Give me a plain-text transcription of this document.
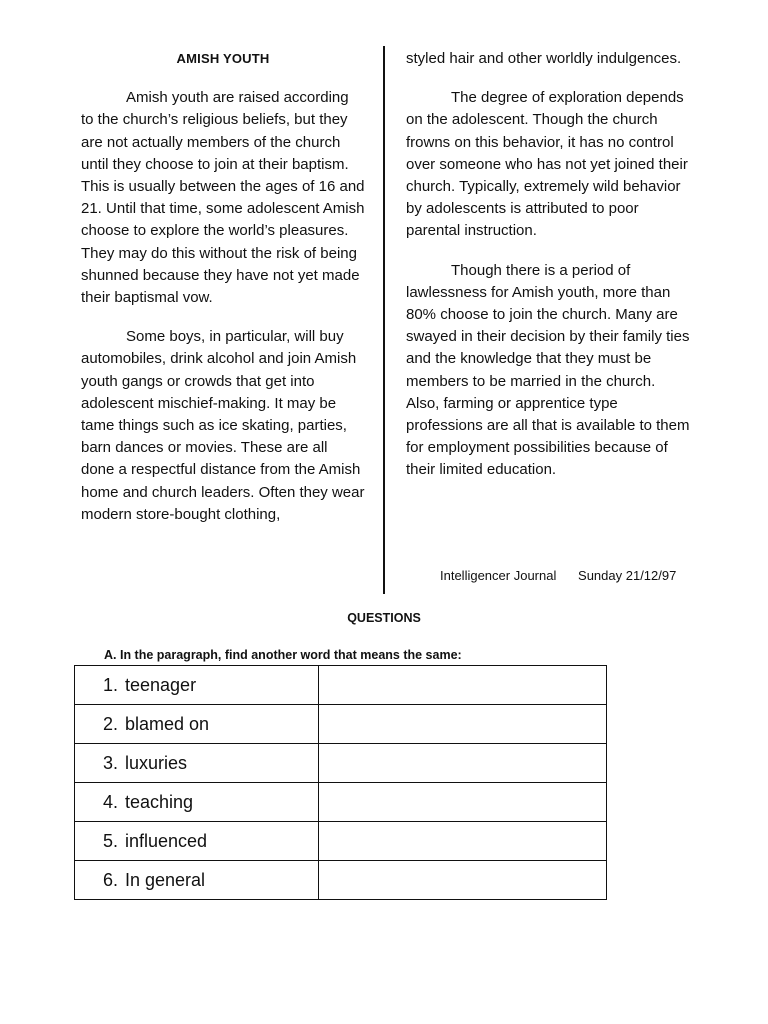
AMISH YOUTH

Amish youth are raised according to the church’s religious beliefs, but they are not actually members of the church until they choose to join at their baptism. This is usually between the ages of 16 and 21. Until that time, some adolescent Amish choose to explore the world’s pleasures. They may do this without the risk of being shunned because they have not yet made their baptismal vow.

Some boys, in particular, will buy automobiles, drink alcohol and join Amish youth gangs or crowds that get into adolescent mischief-making. It may be tame things such as ice skating, parties, barn dances or movies. These are all done a respectful distance from the Amish home and church leaders. Often they wear modern store-bought clothing,

styled hair and other worldly indulgences.

The degree of exploration depends on the adolescent. Though the church frowns on this behavior, it has no control over someone who has not yet joined their church. Typically, extremely wild behavior by adolescents is attributed to poor parental instruction.

Though there is a period of lawlessness for Amish youth, more than 80% choose to join the church. Many are swayed in their decision by their family ties and the knowledge that they must be members to be married in the church. Also, farming or apprentice type professions are all that is available to them for employment possibilities because of their limited education.

Intelligencer Journal Sunday 21/12/97
QUESTIONS
A. In the paragraph, find another word that means the same:
1. teenager	
2. blamed on	
3. luxuries	
4. teaching	
5. influenced	
6. In general	
